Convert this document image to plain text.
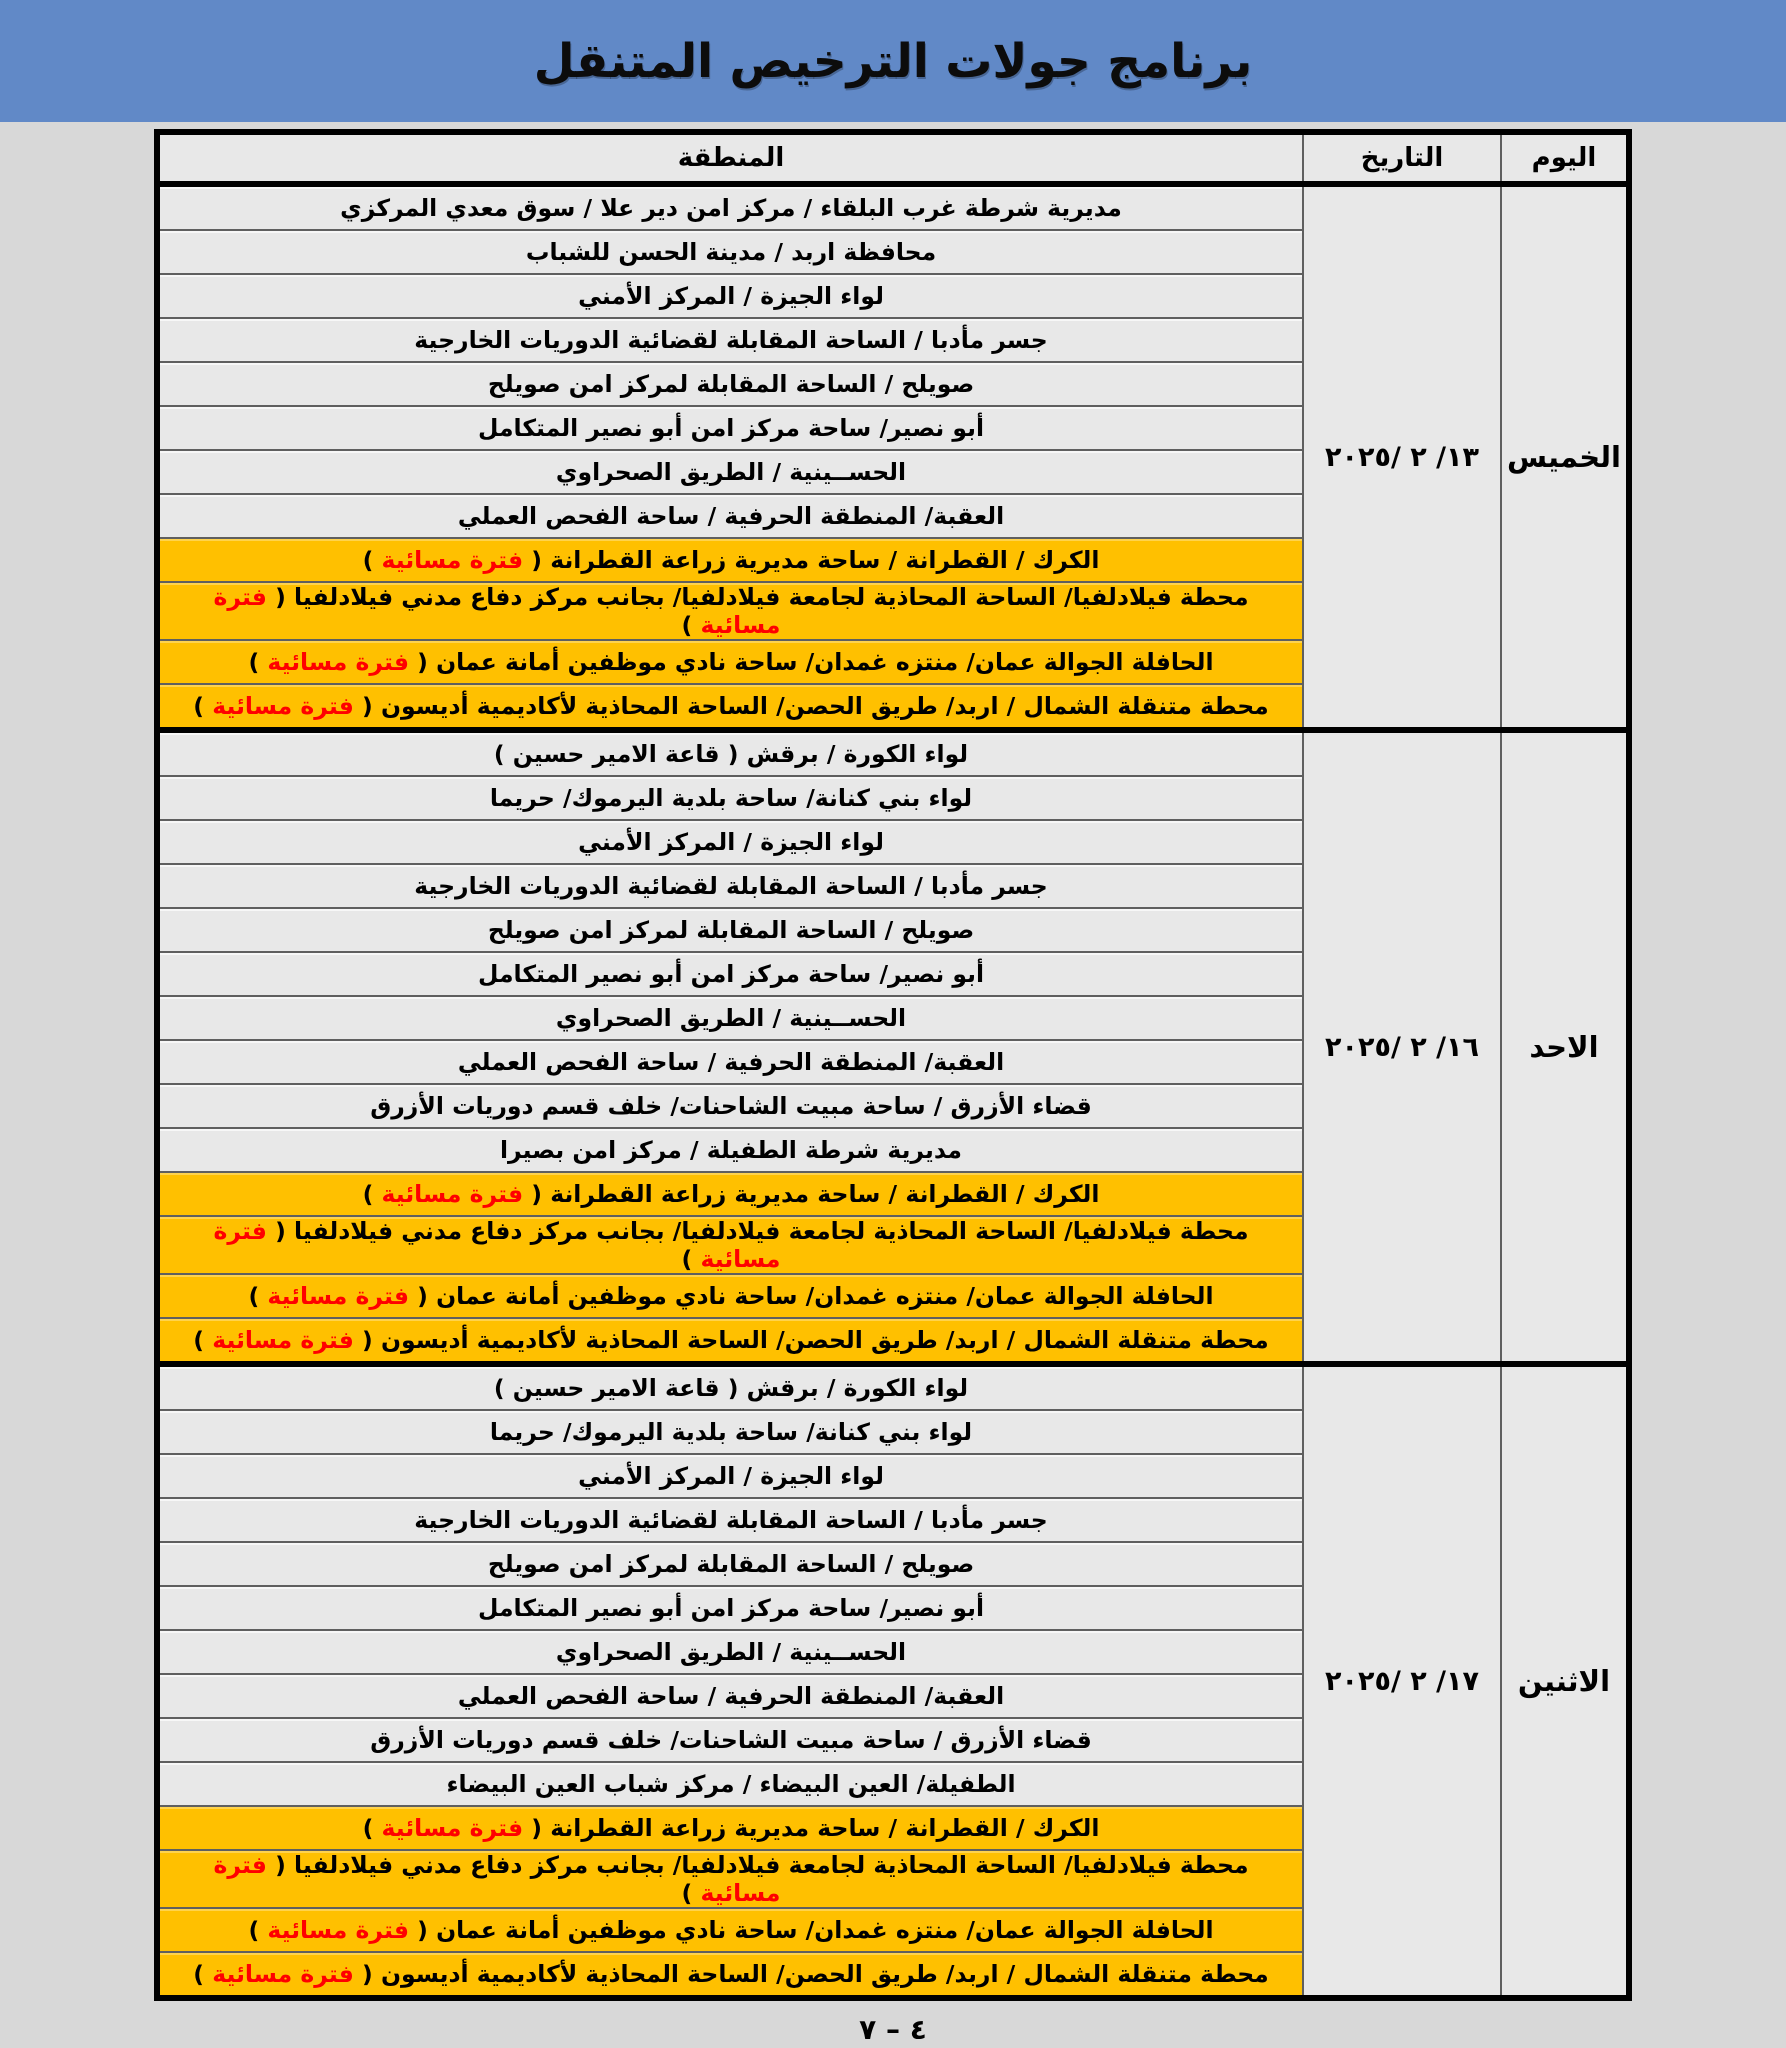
برنامج جولات الترخيص المتنقل
اليوم	التاريخ	المنطقة
الخميس	١٣/ ٢ /٢٠٢٥	مديرية شرطة غرب البلقاء / مركز امن دير علا / سوق معدي المركزي
		محافظة اربد / مدينة الحسن للشباب
		لواء الجيزة / المركز الأمني
		جسر مأدبا / الساحة المقابلة لقضائية الدوريات الخارجية
		صويلح / الساحة المقابلة لمركز امن صويلح
		أبو نصير/ ساحة مركز امن أبو نصير المتكامل
		الحســينية / الطريق الصحراوي
		العقبة/ المنطقة الحرفية / ساحة الفحص العملي
		الكرك / القطرانة / ساحة مديرية زراعة القطرانة ( فترة مسائية )
		محطة فيلادلفيا/ الساحة المحاذية لجامعة فيلادلفيا/ بجانب مركز دفاع مدني فيلادلفيا ( فترة مسائية )
		الحافلة الجوالة عمان/ منتزه غمدان/ ساحة نادي موظفين أمانة عمان ( فترة مسائية )
		محطة متنقلة الشمال / اربد/ طريق الحصن/ الساحة المحاذية لأكاديمية أديسون ( فترة مسائية )
الاحد	١٦/ ٢ /٢٠٢٥	لواء الكورة / برقش ( قاعة الامير حسين )
		لواء بني كنانة/ ساحة بلدية اليرموك/ حريما
		لواء الجيزة / المركز الأمني
		جسر مأدبا / الساحة المقابلة لقضائية الدوريات الخارجية
		صويلح / الساحة المقابلة لمركز امن صويلح
		أبو نصير/ ساحة مركز امن أبو نصير المتكامل
		الحســينية / الطريق الصحراوي
		العقبة/ المنطقة الحرفية / ساحة الفحص العملي
		قضاء الأزرق / ساحة مبيت الشاحنات/ خلف قسم دوريات الأزرق
		مديرية شرطة الطفيلة / مركز امن بصيرا
		الكرك / القطرانة / ساحة مديرية زراعة القطرانة ( فترة مسائية )
		محطة فيلادلفيا/ الساحة المحاذية لجامعة فيلادلفيا/ بجانب مركز دفاع مدني فيلادلفيا ( فترة مسائية )
		الحافلة الجوالة عمان/ منتزه غمدان/ ساحة نادي موظفين أمانة عمان ( فترة مسائية )
		محطة متنقلة الشمال / اربد/ طريق الحصن/ الساحة المحاذية لأكاديمية أديسون ( فترة مسائية )
الاثنين	١٧/ ٢ /٢٠٢٥	لواء الكورة / برقش ( قاعة الامير حسين )
		لواء بني كنانة/ ساحة بلدية اليرموك/ حريما
		لواء الجيزة / المركز الأمني
		جسر مأدبا / الساحة المقابلة لقضائية الدوريات الخارجية
		صويلح / الساحة المقابلة لمركز امن صويلح
		أبو نصير/ ساحة مركز امن أبو نصير المتكامل
		الحســينية / الطريق الصحراوي
		العقبة/ المنطقة الحرفية / ساحة الفحص العملي
		قضاء الأزرق / ساحة مبيت الشاحنات/ خلف قسم دوريات الأزرق
		الطفيلة/ العين البيضاء / مركز شباب العين البيضاء
		الكرك / القطرانة / ساحة مديرية زراعة القطرانة ( فترة مسائية )
		محطة فيلادلفيا/ الساحة المحاذية لجامعة فيلادلفيا/ بجانب مركز دفاع مدني فيلادلفيا ( فترة مسائية )
		الحافلة الجوالة عمان/ منتزه غمدان/ ساحة نادي موظفين أمانة عمان ( فترة مسائية )
		محطة متنقلة الشمال / اربد/ طريق الحصن/ الساحة المحاذية لأكاديمية أديسون ( فترة مسائية )
٤ – ٧
